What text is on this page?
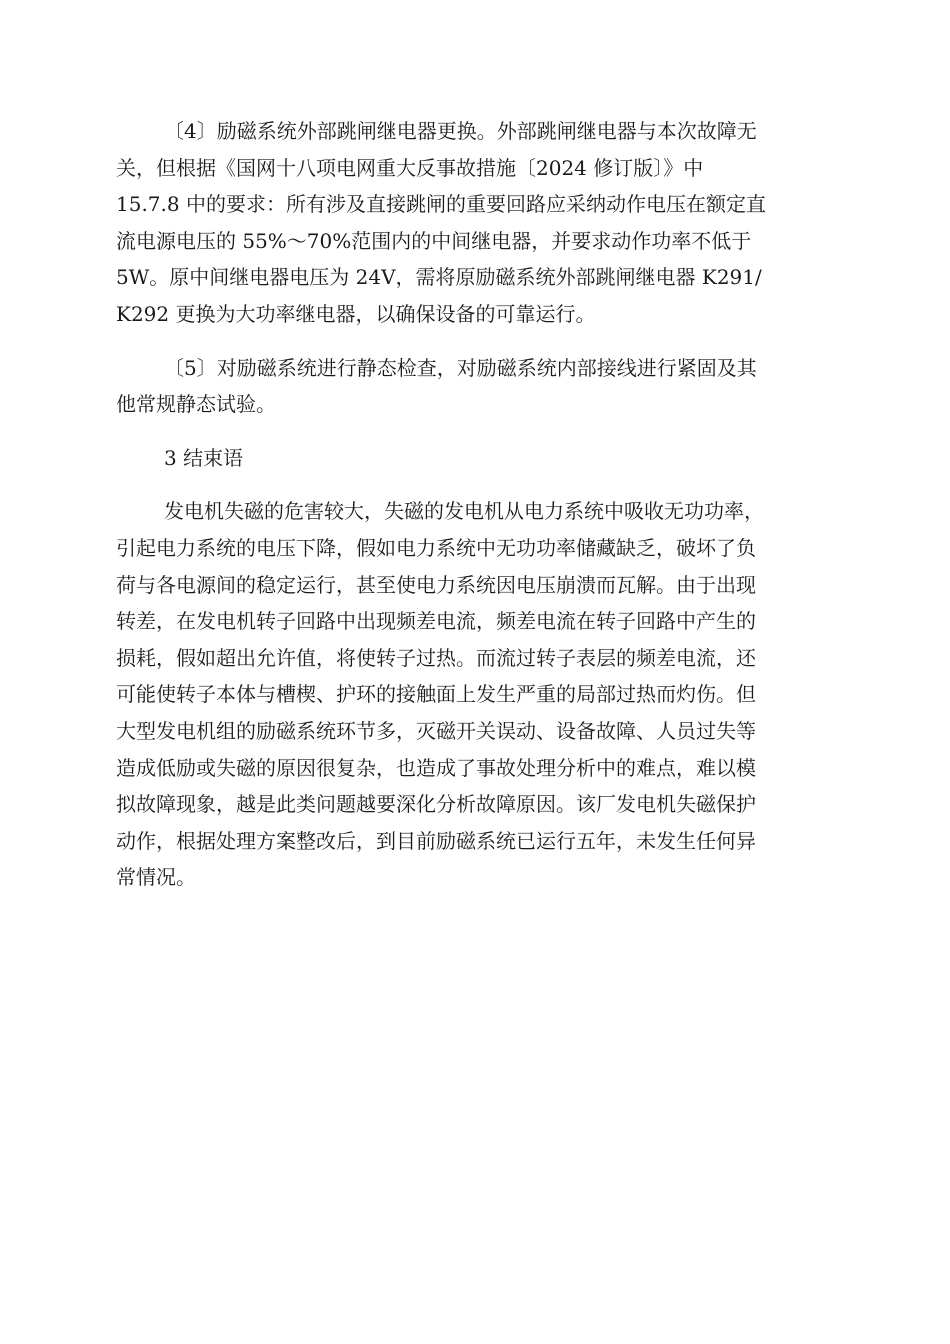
〔4〕励磁系统外部跳闸继电器更换。外部跳闸继电器与本次故障无
关，但根据《国网十八项电网重大反事故措施〔2024 修订版〕》中
15.7.8 中的要求：所有涉及直接跳闸的重要回路应采纳动作电压在额定直
流电源电压的 55%～70%范围内的中间继电器，并要求动作功率不低于
5W。原中间继电器电压为 24V，需将原励磁系统外部跳闸继电器 K291/
K292 更换为大功率继电器，以确保设备的可靠运行。
〔5〕对励磁系统进行静态检查，对励磁系统内部接线进行紧固及其
他常规静态试验。
3 结束语
发电机失磁的危害较大，失磁的发电机从电力系统中吸收无功功率，
引起电力系统的电压下降，假如电力系统中无功功率储藏缺乏，破坏了负
荷与各电源间的稳定运行，甚至使电力系统因电压崩溃而瓦解。由于出现
转差，在发电机转子回路中出现频差电流，频差电流在转子回路中产生的
损耗，假如超出允许值，将使转子过热。而流过转子表层的频差电流，还
可能使转子本体与槽楔、护环的接触面上发生严重的局部过热而灼伤。但
大型发电机组的励磁系统环节多，灭磁开关误动、设备故障、人员过失等
造成低励或失磁的原因很复杂，也造成了事故处理分析中的难点，难以模
拟故障现象，越是此类问题越要深化分析故障原因。该厂发电机失磁保护
动作，根据处理方案整改后，到目前励磁系统已运行五年，未发生任何异
常情况。
